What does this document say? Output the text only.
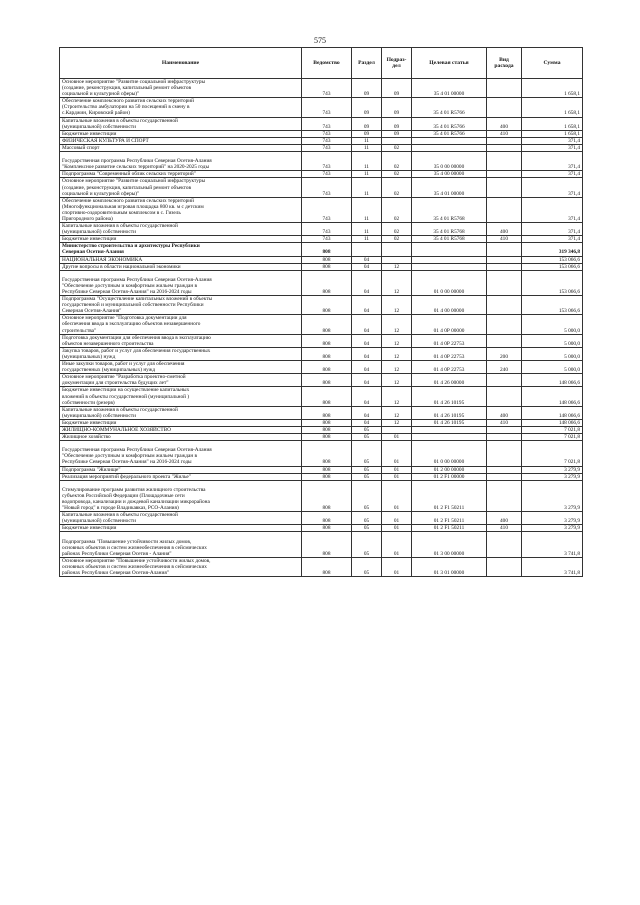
575
Наименование	Ведомство	Раздел	Подраз-
дел	Целевая статья	Вид
расхода	Сумма
Основное мероприятие "Развитие социальной инфраструктуры
(создание, реконструкция, капитальный ремонт объектов
социальной и культурной сферы)"	743	09	09	35 4 01 00000		1 658,1
Обеспечение комплексного развития сельских территорий
(Строительство амбулатории на 50 посещений в смену в
с.Карджин, Кировский район)	743	09	09	35 4 01 R5766		1 658,1
Капитальные вложения в объекты государственной
(муниципальной) собственности	743	09	09	35 4 01 R5766	400	1 658,1
Бюджетные инвестиции	743	09	09	35 4 01 R5766	410	1 658,1
ФИЗИЧЕСКАЯ КУЛЬТУРА И СПОРТ	743	11				371,4
Массовый спорт	743	11	02			371,4

Государственная программа Республики Северная Осетия-Алания
"Комплексное развитие сельских территорий" на 2020-2025 годы	743	11	02	35 0 00 00000		371,4
Подпрограмма "Современный облик сельских территорий"	743	11	02	35 4 00 00000		371,4
Основное мероприятие "Развитие социальной инфраструктуры
(создание, реконструкция, капитальный ремонт объектов
социальной и культурной сферы)"	743	11	02	35 4 01 00000		371,4
Обеспечение комплексного развития сельских территорий
(Многофункциональная игровая площадка 800 кв. м с детским
спортивно-оздоровительным комплексом в с. Гизель
Пригородного района)	743	11	02	35 4 01 R5768		371,4
Капитальные вложения в объекты государственной
(муниципальной) собственности	743	11	02	35 4 01 R5768	400	371,4
Бюджетные инвестиции	743	11	02	35 4 01 R5768	410	371,4
Министерство строительства и архитектуры Республики
Северная Осетия-Алания	808					319 346,8
НАЦИОНАЛЬНАЯ ЭКОНОМИКА	808	04				153 066,6
Другие вопросы в области национальной экономики	808	04	12			153 066,6

Государственная программа Республики Северная Осетия-Алания
"Обеспечение доступным и комфортным жильем граждан в
Республике Северная Осетия-Алания" на 2016-2024 годы	808	04	12	01 0 00 00000		153 066,6
Подпрограмма "Осуществление капитальных вложений в объекты
государственной и муниципальной собственности Республики
Северная Осетия-Алания"	808	04	12	01 4 00 00000		153 066,6
Основное мероприятие "Подготовка документации для
обеспечения ввода в эксплуатацию объектов незавершенного
строительства"	808	04	12	01 4 0Р 00000		5 000,0
Подготовка документации для обеспечения ввода в эксплуатацию
объектов незавершенного строительства	808	04	12	01 4 0Р 22753		5 000,0
Закупка товаров, работ и услуг для обеспечения государственных
(муниципальных) нужд	808	04	12	01 4 0Р 22753	200	5 000,0
Иные закупки товаров, работ и услуг для обеспечения
государственных (муниципальных) нужд	808	04	12	01 4 0Р 22753	240	5 000,0
Основное мероприятие "Разработка проектно-сметной
документации для строительства будущих лет"	808	04	12	01 4 26 00000		148 066,6
Бюджетные инвестиции на осуществление капитальных
вложений в объекты государственной (муниципальной )
собственности (резерв)	808	04	12	01 4 26 10195		148 066,6
Капитальные вложения в объекты государственной
(муниципальной) собственности	808	04	12	01 4 26 10195	400	148 066,6
Бюджетные инвестиции	808	04	12	01 4 26 10195	410	148 066,6
ЖИЛИЩНО-КОММУНАЛЬНОЕ ХОЗЯЙСТВО	808	05				7 021,8
Жилищное хозяйство	808	05	01			7 021,8

Государственная программа Республики Северная Осетия-Алания
"Обеспечение доступным и комфортным жильем граждан в
Республике Северная Осетия-Алания" на 2016-2024 годы	808	05	01	01 0 00 00000		7 021,8
Подпрограмма "Жилище"	808	05	01	01 2 00 00000		3 279,9
Реализация мероприятий федерального проекта "Жилье"	808	05	01	01 2 F1 00000		3 279,9

Стимулирование программ развития жилищного строительства
субъектов Российской Федерации (Площадочные сети
водопровода, канализации и дождевой канализации микрорайона
"Новый город" в городе Владикавказ, РСО-Алания)	808	05	01	01 2 F1 50211		3 279,9
Капитальные вложения в объекты государственной
(муниципальной) собственности	808	05	01	01 2 F1 50211	400	3 279,9
Бюджетные инвестиции	808	05	01	01 2 F1 50211	410	3 279,9

Подпрограмма "Повышение устойчивости жилых домов,
основных объектов и систем жизнеобеспечения в сейсмических
районах Республики Северная Осетия - Алания"	808	05	01	01 3 00 00000		3 741,8
Основное мероприятие "Повышение устойчивости жилых домов,
основных объектов и систем жизнеобеспечения в сейсмических
районах Республики Северная Осетия-Алания"	808	05	01	01 3 01 00000		3 741,8
